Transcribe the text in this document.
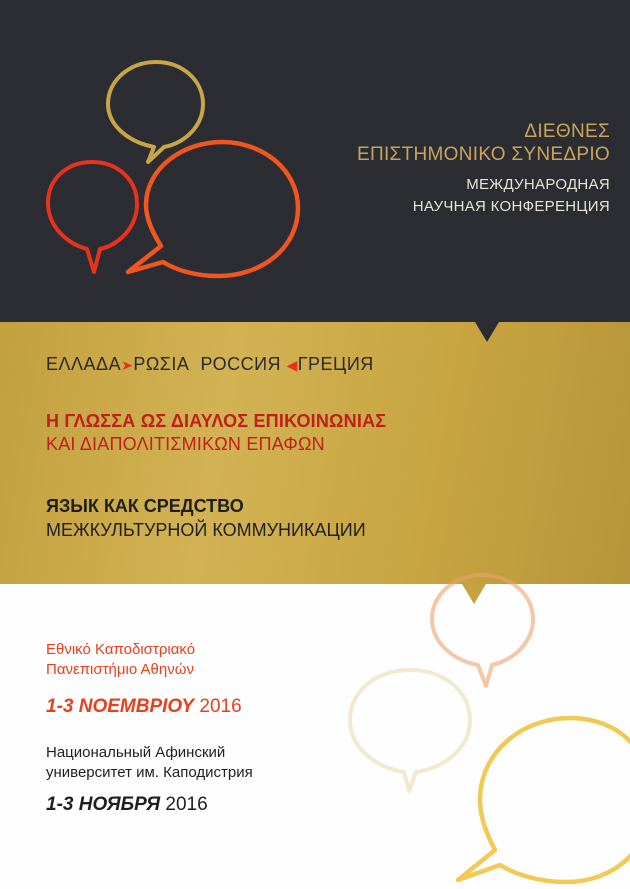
ΔΙΕΘΝΕΣ
ΕΠΙΣΤΗΜΟΝΙΚΟ ΣΥΝΕΔΡΙΟ
МЕЖДУНАРОДНАЯ
НАУЧНАЯ КОНФЕРЕНЦИЯ
ΕΛΛΑΔΑ➤ΡΩΣΙΑ РОССИЯ ◀ГРЕЦИЯ
Η ΓΛΩΣΣΑ ΩΣ ΔΙΑΥΛΟΣ ΕΠΙΚΟΙΝΩΝΙΑΣ
ΚΑΙ ΔΙΑΠΟΛΙΤΙΣΜΙΚΩΝ ΕΠΑΦΩΝ
ЯЗЫК КАК СРЕДСТВО
МЕЖКУЛЬТУРНОЙ КОММУНИКАЦИИ
Εθνικό Καποδιστριακό
Πανεπιστήμιο Αθηνών
1-3 ΝΟΕΜΒΡΙΟΥ 2016
Национальный Афинский
университет им. Каподистрия
1-3 НОЯБРЯ 2016
